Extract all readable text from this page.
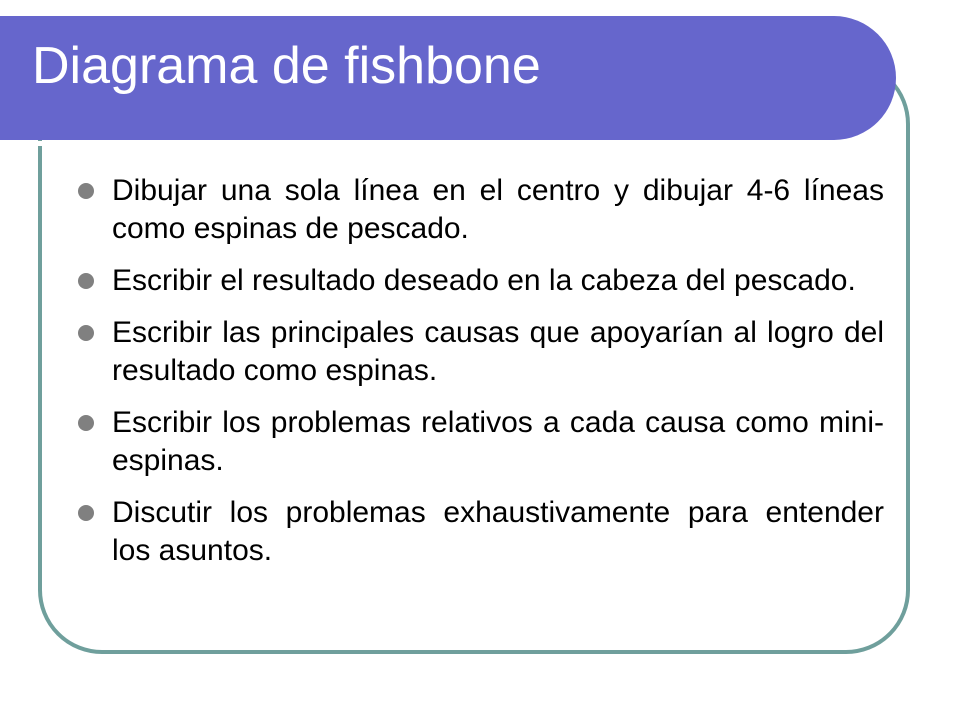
Diagrama de fishbone
Dibujar una sola línea en el centro y dibujar 4-6 líneas como espinas de pescado.
Escribir el resultado deseado en la cabeza del pescado.
Escribir las principales causas que apoyarían al logro del resultado como espinas.
Escribir los problemas relativos a cada causa como mini-espinas.
Discutir los problemas exhaustivamente para entender los asuntos.
